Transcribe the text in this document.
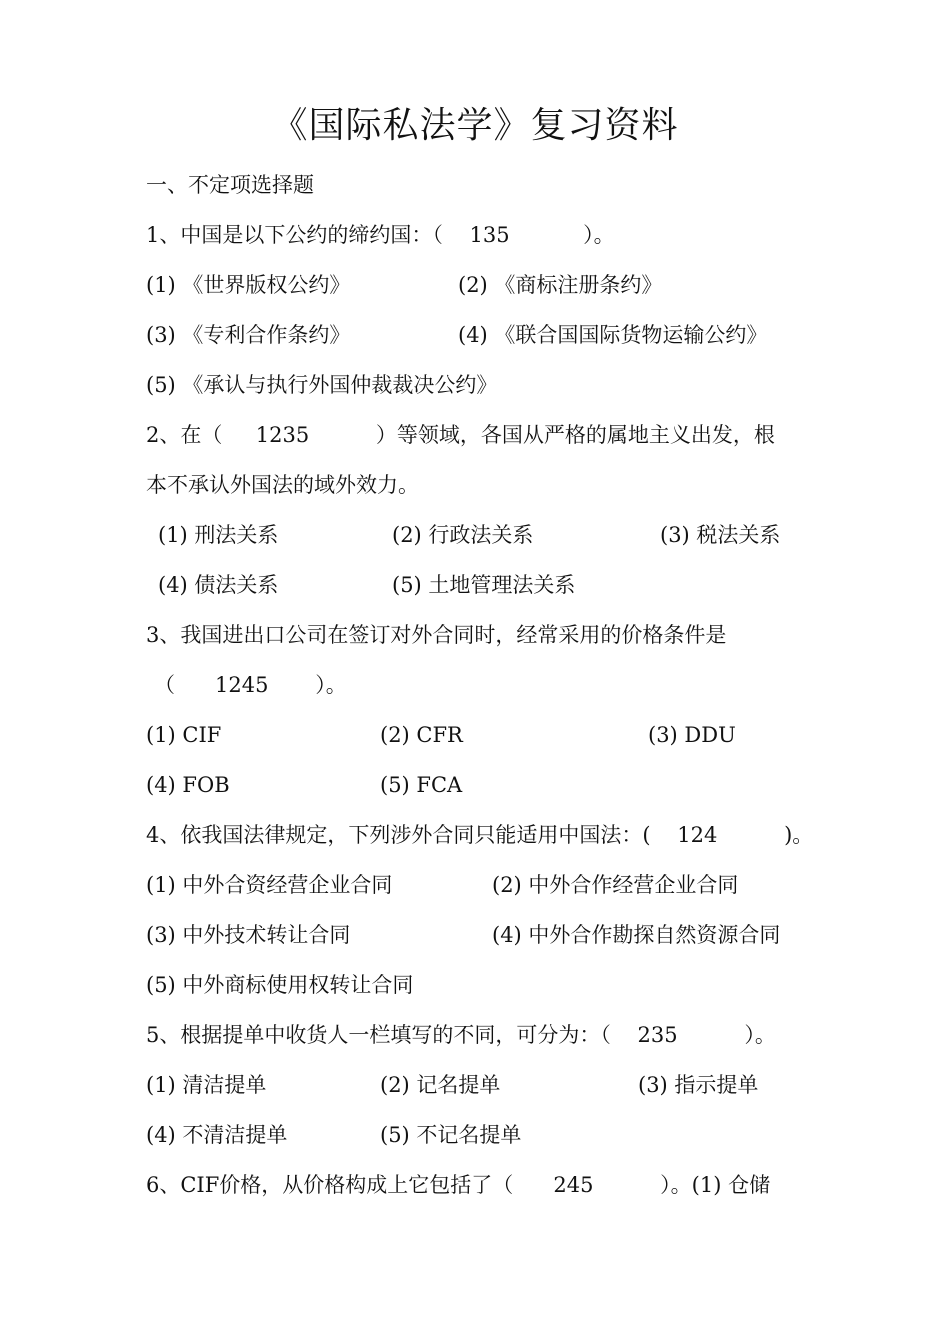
《国际私法学》复习资料
一、不定项选择题
1、中国是以下公约的缔约国：（    135           ）。
(1) 《世界版权公约》	(2) 《商标注册条约》
(3) 《专利合作条约》	(4) 《联合国国际货物运输公约》
(5) 《承认与执行外国仲裁裁决公约》
2、在（     1235          ）等领域，各国从严格的属地主义出发，根
本不承认外国法的域外效力。
(1) 刑法关系	(2) 行政法关系	(3) 税法关系
(4) 债法关系	(5) 土地管理法关系
3、我国进出口公司在签订对外合同时，经常采用的价格条件是
（      1245       ）。
(1) CIF	(2) CFR	(3) DDU
(4) FOB	(5) FCA
4、依我国法律规定，下列涉外合同只能适用中国法：(    124          )。
(1) 中外合资经营企业合同	(2) 中外合作经营企业合同
(3) 中外技术转让合同	(4) 中外合作勘探自然资源合同
(5) 中外商标使用权转让合同
5、根据提单中收货人一栏填写的不同，可分为：（    235          ）。
(1) 清洁提单	(2) 记名提单	(3) 指示提单
(4) 不清洁提单	(5) 不记名提单
6、CIF价格，从价格构成上它包括了（      245          ）。(1) 仓储
